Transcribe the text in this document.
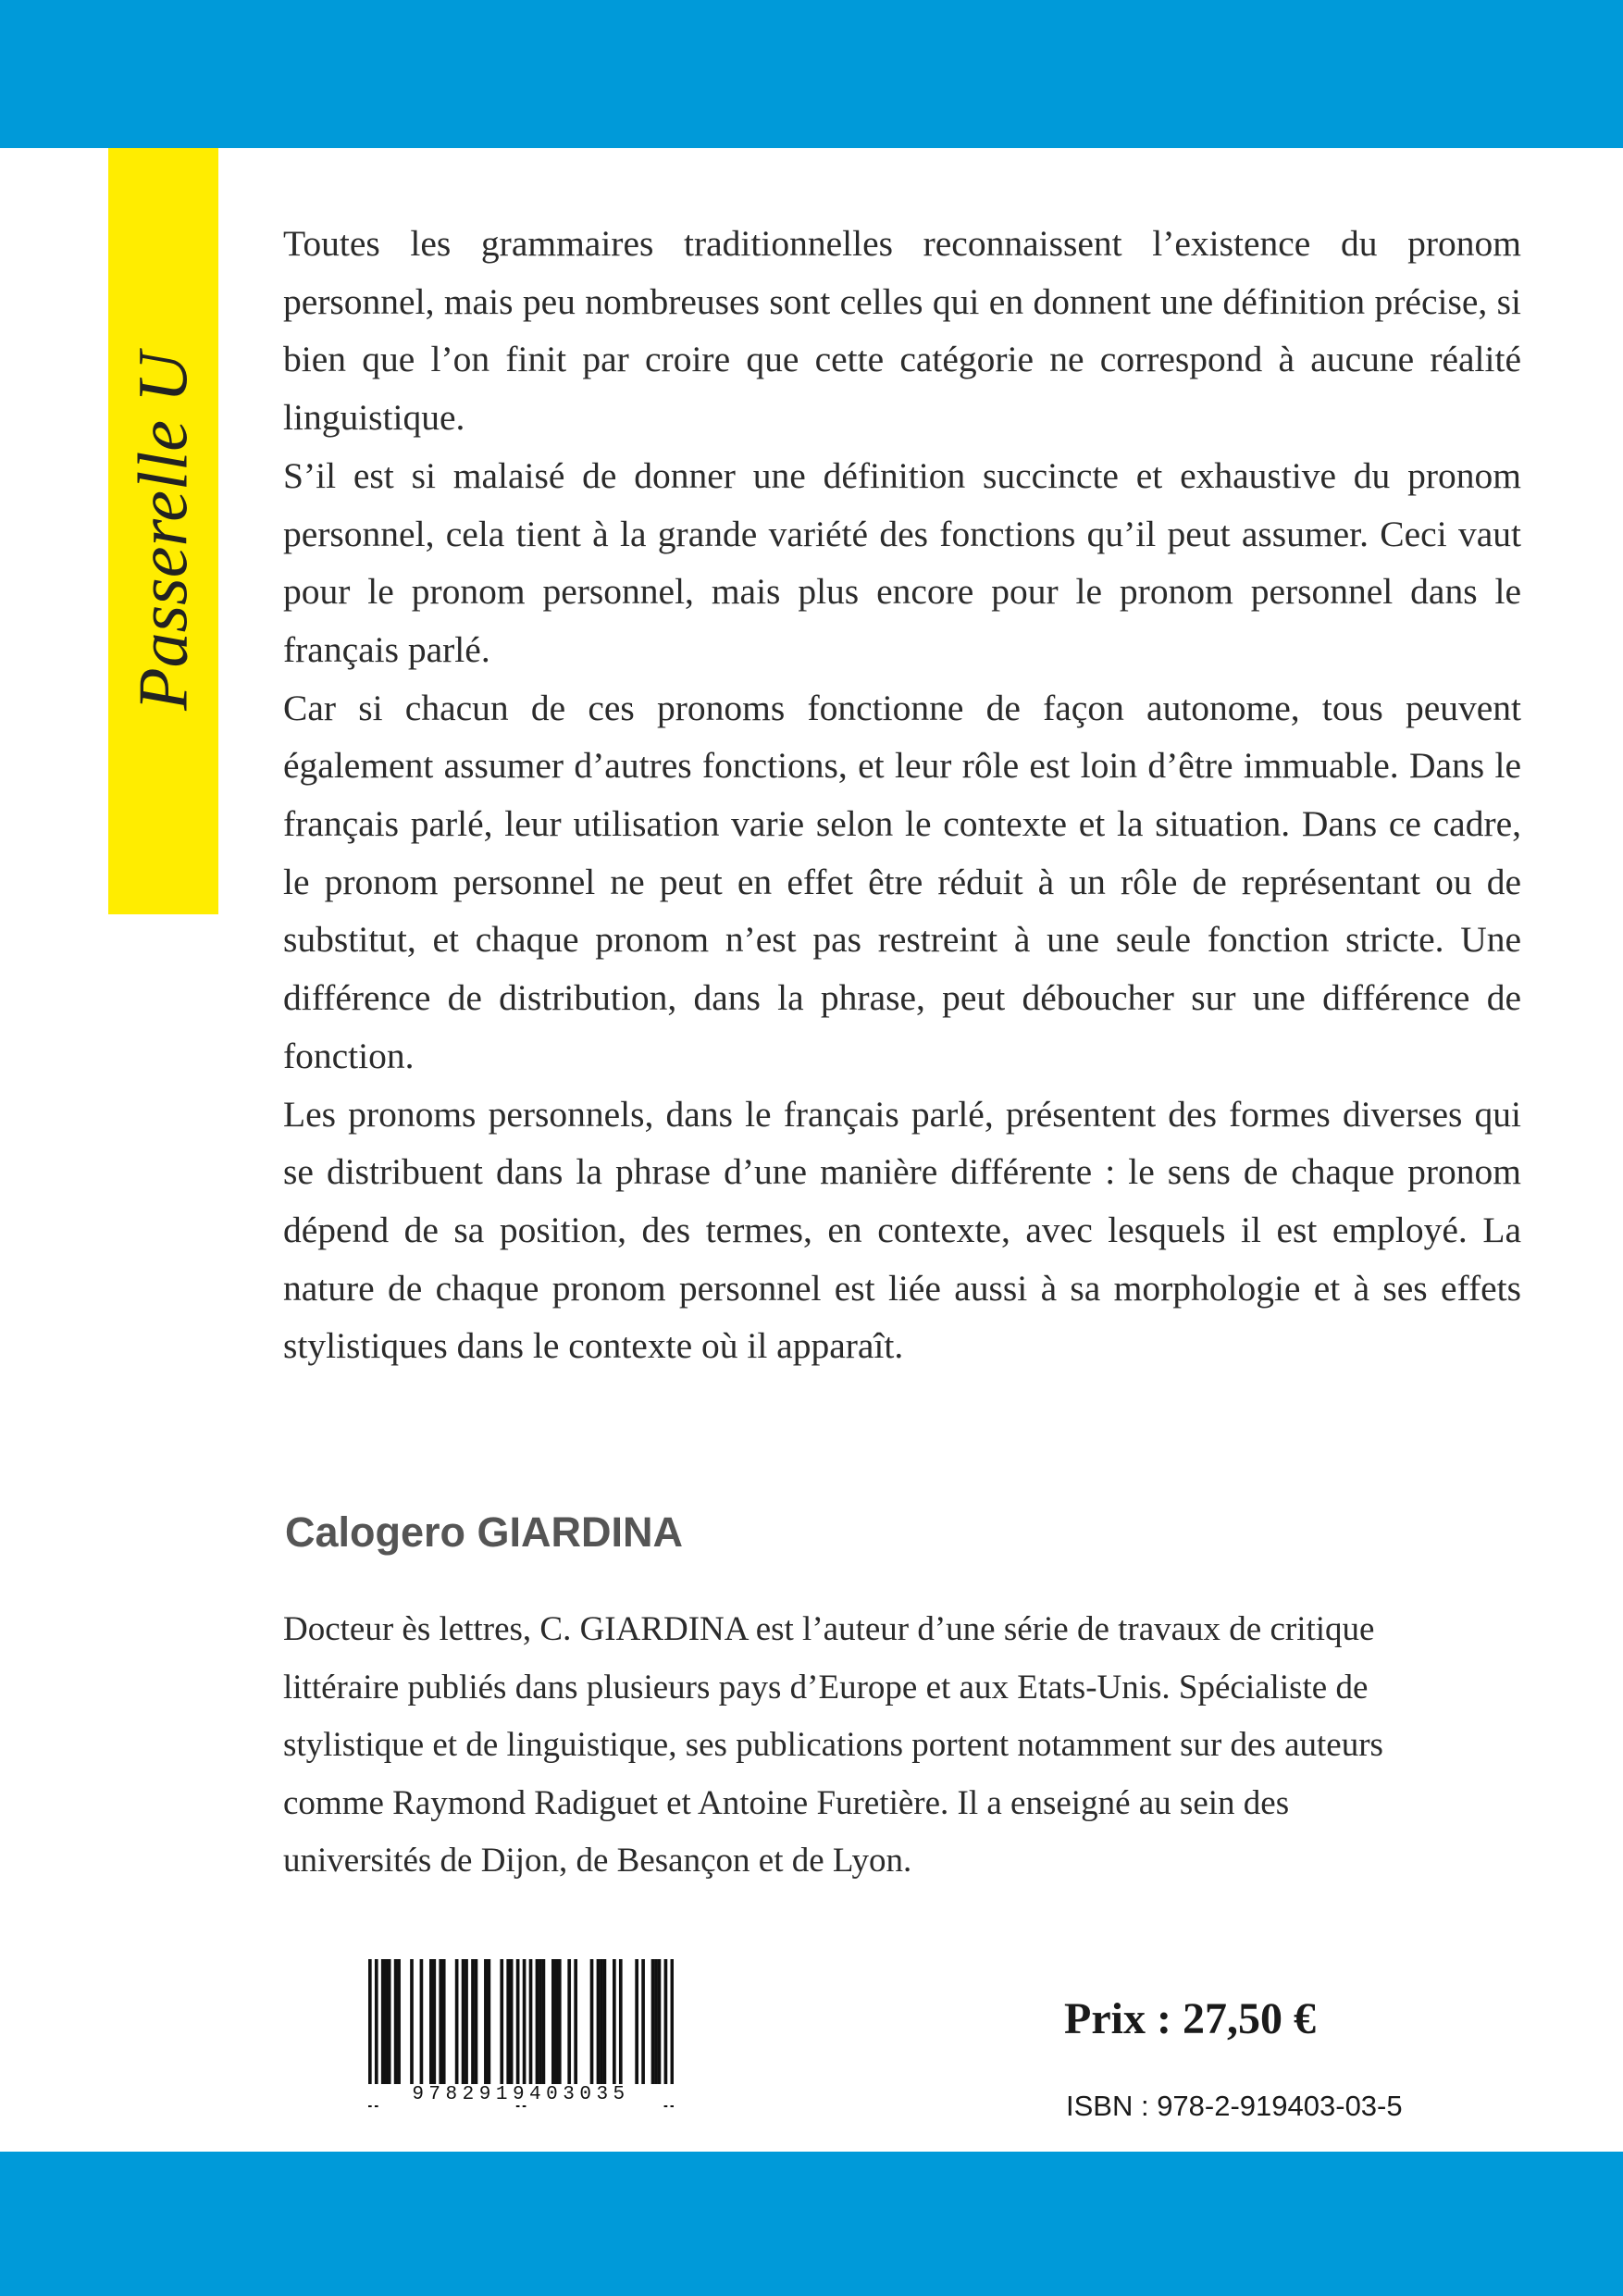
Passerelle U

Toutes les grammaires traditionnelles reconnaissent l’existence du pronom personnel, mais peu nombreuses sont celles qui en donnent une définition précise, si bien que l’on finit par croire que cette catégorie ne correspond à aucune réalité linguistique.

S’il est si malaisé de donner une définition succincte et exhaustive du pronom personnel, cela tient à la grande variété des fonctions qu’il peut assumer. Ceci vaut pour le pronom personnel, mais plus encore pour le pronom personnel dans le français parlé.

Car si chacun de ces pronoms fonctionne de façon autonome, tous peuvent également assumer d’autres fonctions, et leur rôle est loin d’être immuable. Dans le français parlé, leur utilisation varie selon le contexte et la situation. Dans ce cadre, le pronom personnel ne peut en effet être réduit à un rôle de représentant ou de substitut, et chaque pronom n’est pas restreint à une seule fonction stricte. Une différence de distribution, dans la phrase, peut déboucher sur une différence de fonction.

Les pronoms personnels, dans le français parlé, présentent des formes diverses qui se distribuent dans la phrase d’une manière différente : le sens de chaque pronom dépend de sa position, des termes, en contexte, avec lesquels il est employé. La nature de chaque pronom personnel est liée aussi à sa morphologie et à ses effets stylistiques dans le contexte où il apparaît.

Calogero GIARDINA
Docteur ès lettres, C. GIARDINA est l’auteur d’une série de travaux de critique
littéraire publiés dans plusieurs pays d’Europe et aux Etats-Unis. Spécialiste de
stylistique et de linguistique, ses publications portent notamment sur des auteurs
comme Raymond Radiguet et Antoine Furetière. Il a enseigné au sein des
universités de Dijon, de Besançon et de Lyon.
9782919403035
Prix : 27,50 €
ISBN : 978-2-919403-03-5
